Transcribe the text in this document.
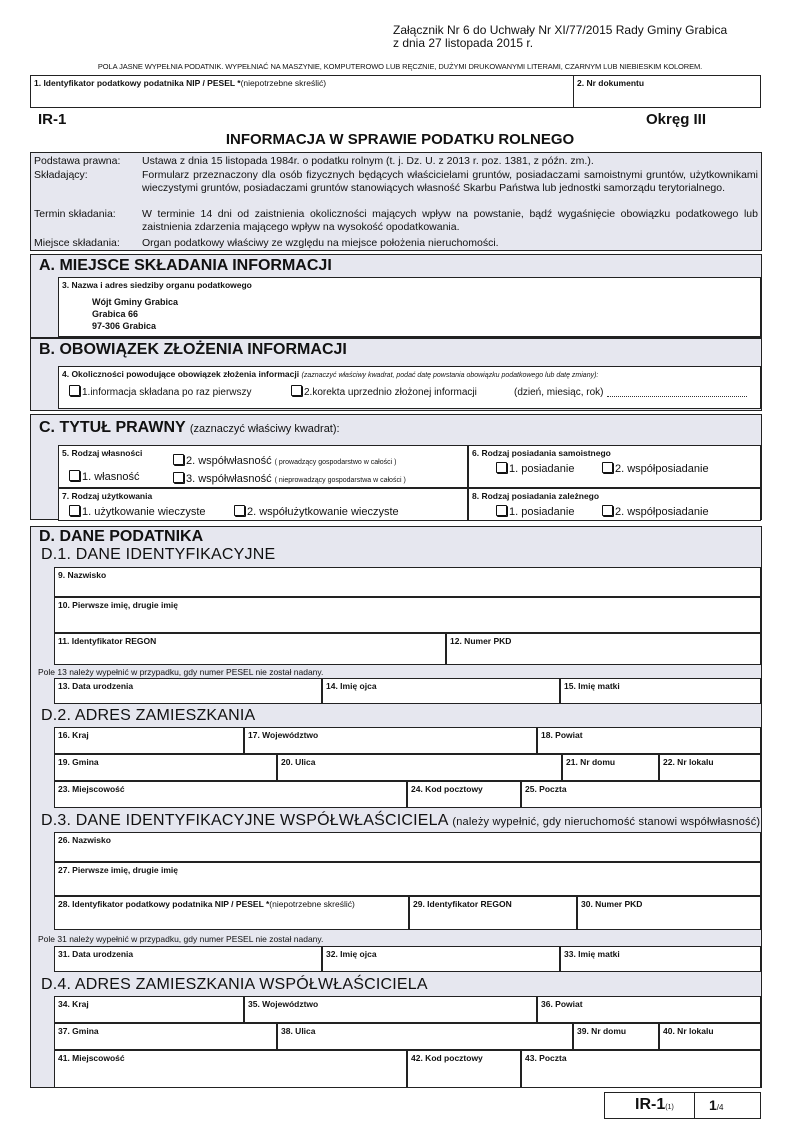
Załącznik Nr 6 do Uchwały Nr XI/77/2015 Rady Gminy Grabica
z dnia 27 listopada 2015 r.
POLA JASNE WYPEŁNIA PODATNIK. WYPEŁNIAĆ NA MASZYNIE, KOMPUTEROWO LUB RĘCZNIE, DUŻYMI DRUKOWANYMI LITERAMI, CZARNYM LUB NIEBIESKIM KOLOREM.
1. Identyfikator podatkowy podatnika NIP / PESEL *(niepotrzebne skreślić)	2. Nr dokumentu
IR-1	Okręg III
INFORMACJA W SPRAWIE PODATKU ROLNEGO
Podstawa prawna: Ustawa z dnia 15 listopada 1984r. o podatku rolnym (t. j. Dz. U. z 2013 r. poz. 1381, z późn. zm.).
Składający:	Formularz przeznaczony dla osób fizycznych będących właścicielami gruntów, posiadaczami samoistnymi gruntów, użytkownikami wieczystymi gruntów, posiadaczami gruntów stanowiących własność Skarbu Państwa lub jednostki samorządu terytorialnego.
Termin składania:	W terminie 14 dni od zaistnienia okoliczności mających wpływ na powstanie, bądź wygaśnięcie obowiązku podatkowego lub zaistnienia zdarzenia mającego wpływ na wysokość opodatkowania.
Miejsce składania: Organ podatkowy właściwy ze względu na miejsce położenia nieruchomości.
A. MIEJSCE SKŁADANIA INFORMACJI
3. Nazwa i adres siedziby organu podatkowego
Wójt Gminy Grabica
Grabica 66
97-306 Grabica
B. OBOWIĄZEK ZŁOŻENIA INFORMACJI
4. Okoliczności powodujące obowiązek złożenia informacji (zaznaczyć właściwy kwadrat, podać datę powstania obowiązku podatkowego lub datę zmiany):
1.informacja składana po raz pierwszy	2.korekta uprzednio złożonej informacji	(dzień, miesiąc, rok)
C. TYTUŁ PRAWNY (zaznaczyć właściwy kwadrat):
5. Rodzaj własności
1. własność
2. współwłasność ( prowadzący gospodarstwo w całości )
3. współwłasność ( nieprowadzący gospodarstwa w całości )
6. Rodzaj posiadania samoistnego
1. posiadanie	2. współposiadanie
7. Rodzaj użytkowania
1. użytkowanie wieczyste	2. współużytkowanie wieczyste
8. Rodzaj posiadania zależnego
1. posiadanie	2. współposiadanie
D. DANE PODATNIKA
D.1. DANE IDENTYFIKACYJNE
9. Nazwisko
10. Pierwsze imię, drugie imię
11. Identyfikator REGON	12. Numer PKD
Pole 13 należy wypełnić w przypadku, gdy numer PESEL nie został nadany.
13. Data urodzenia	14. Imię ojca	15. Imię matki
D.2. ADRES ZAMIESZKANIA
16. Kraj	17. Województwo	18. Powiat
19. Gmina	20. Ulica	21. Nr domu	22. Nr lokalu
23. Miejscowość	24. Kod pocztowy	25. Poczta
D.3. DANE IDENTYFIKACYJNE WSPÓŁWŁAŚCICIELA (należy wypełnić, gdy nieruchomość stanowi współwłasność)
26. Nazwisko
27. Pierwsze imię, drugie imię
28. Identyfikator podatkowy podatnika NIP / PESEL *(niepotrzebne skreślić)	29. Identyfikator REGON	30. Numer PKD
Pole 31 należy wypełnić w przypadku, gdy numer PESEL nie został nadany.
31. Data urodzenia	32. Imię ojca	33. Imię matki
D.4. ADRES ZAMIESZKANIA WSPÓŁWŁAŚCICIELA
34. Kraj	35. Województwo	36. Powiat
37. Gmina	38. Ulica	39. Nr domu	40. Nr lokalu
41. Miejscowość	42. Kod pocztowy	43. Poczta
IR-1(1)	1/4
